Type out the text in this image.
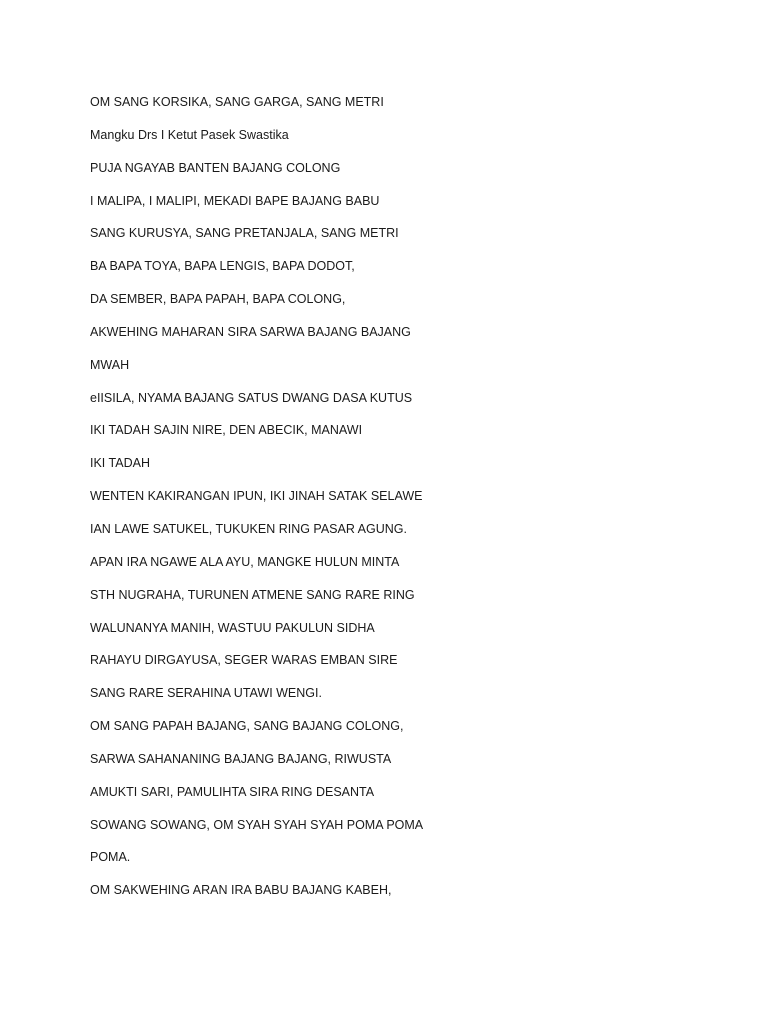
OM SANG KORSIKA, SANG GARGA, SANG METRI
Mangku Drs I Ketut Pasek Swastika
PUJA NGAYAB BANTEN BAJANG COLONG
I MALIPA, I MALIPI, MEKADI BAPE BAJANG BABU
SANG KURUSYA, SANG PRETANJALA, SANG METRI
BA BAPA TOYA, BAPA LENGIS, BAPA DODOT,
DA SEMBER, BAPA PAPAH, BAPA COLONG,
AKWEHING MAHARAN SIRA SARWA BAJANG BAJANG
MWAH
eIISILA, NYAMA BAJANG SATUS DWANG DASA KUTUS
IKI TADAH SAJIN NIRE, DEN ABECIK, MANAWI
IKI TADAH
WENTEN KAKIRANGAN IPUN, IKI JINAH SATAK SELAWE
IAN LAWE SATUKEL, TUKUKEN RING PASAR AGUNG.
APAN IRA NGAWE ALA AYU, MANGKE HULUN MINTA
STH NUGRAHA, TURUNEN ATMENE SANG RARE RING
WALUNANYA MANIH, WASTUU PAKULUN SIDHA
RAHAYU DIRGAYUSA, SEGER WARAS EMBAN SIRE
SANG RARE SERAHINA UTAWI WENGI.
OM SANG PAPAH BAJANG, SANG BAJANG COLONG,
SARWA SAHANANING BAJANG BAJANG, RIWUSTA
AMUKTI SARI, PAMULIHTA SIRA RING DESANTA
SOWANG SOWANG, OM SYAH SYAH SYAH POMA POMA
POMA.
OM SAKWEHING ARAN IRA BABU BAJANG KABEH,
